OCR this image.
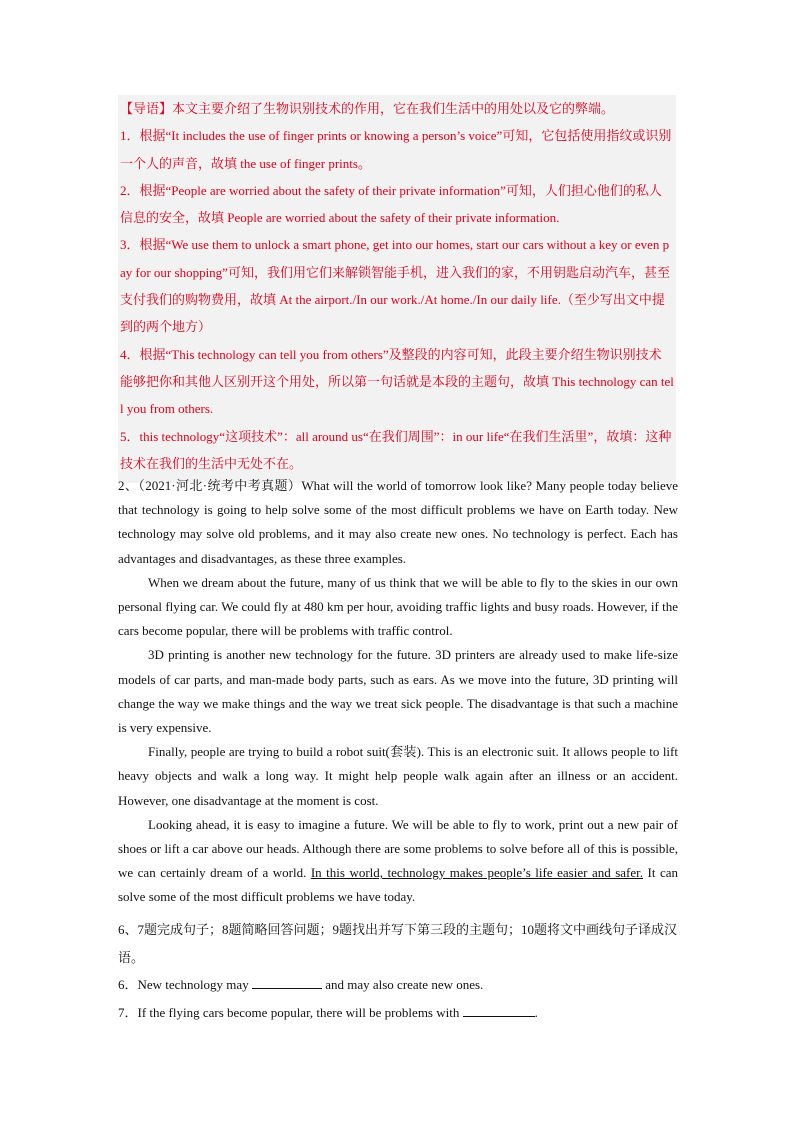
【导语】本文主要介绍了生物识别技术的作用，它在我们生活中的用处以及它的弊端。

1．根据“It includes the use of finger prints or knowing a person’s voice”可知，它包括使用指纹或识别一个人的声音，故填 the use of finger prints。

2．根据“People are worried about the safety of their private information”可知，人们担心他们的私人信息的安全，故填 People are worried about the safety of their private information.

3．根据“We use them to unlock a smart phone, get into our homes, start our cars without a key or even pay for our shopping”可知，我们用它们来解锁智能手机，进入我们的家，不用钥匙启动汽车，甚至支付我们的购物费用，故填 At the airport./In our work./At home./In our daily life.（至少写出文中提到的两个地方）

4．根据“This technology can tell you from others”及整段的内容可知，此段主要介绍生物识别技术能够把你和其他人区别开这个用处，所以第一句话就是本段的主题句，故填 This technology can tell you from others.

5．this technology“这项技术”：all around us“在我们周围”：in our life“在我们生活里”，故填：这种技术在我们的生活中无处不在。

2、（2021·河北·统考中考真题）What will the world of tomorrow look like? Many people today believe that technology is going to help solve some of the most difficult problems we have on Earth today. New technology may solve old problems, and it may also create new ones. No technology is perfect. Each has advantages and disadvantages, as these three examples.

When we dream about the future, many of us think that we will be able to fly to the skies in our own personal flying car. We could fly at 480 km per hour, avoiding traffic lights and busy roads. However, if the cars become popular, there will be problems with traffic control.

3D printing is another new technology for the future. 3D printers are already used to make life-size models of car parts, and man-made body parts, such as ears. As we move into the future, 3D printing will change the way we make things and the way we treat sick people. The disadvantage is that such a machine is very expensive.

Finally, people are trying to build a robot suit(套装). This is an electronic suit. It allows people to lift heavy objects and walk a long way. It might help people walk again after an illness or an accident. However, one disadvantage at the moment is cost.

Looking ahead, it is easy to imagine a future. We will be able to fly to work, print out a new pair of shoes or lift a car above our heads. Although there are some problems to solve before all of this is possible, we can certainly dream of a world. In this world, technology makes people’s life easier and safer. It can solve some of the most difficult problems we have today.

6、7题完成句子；8题简略回答问题；9题找出并写下第三段的主题句；10题将文中画线句子译成汉语。

6．New technology may	and may also create new ones.

7．If the flying cars become popular, there will be problems with	.
